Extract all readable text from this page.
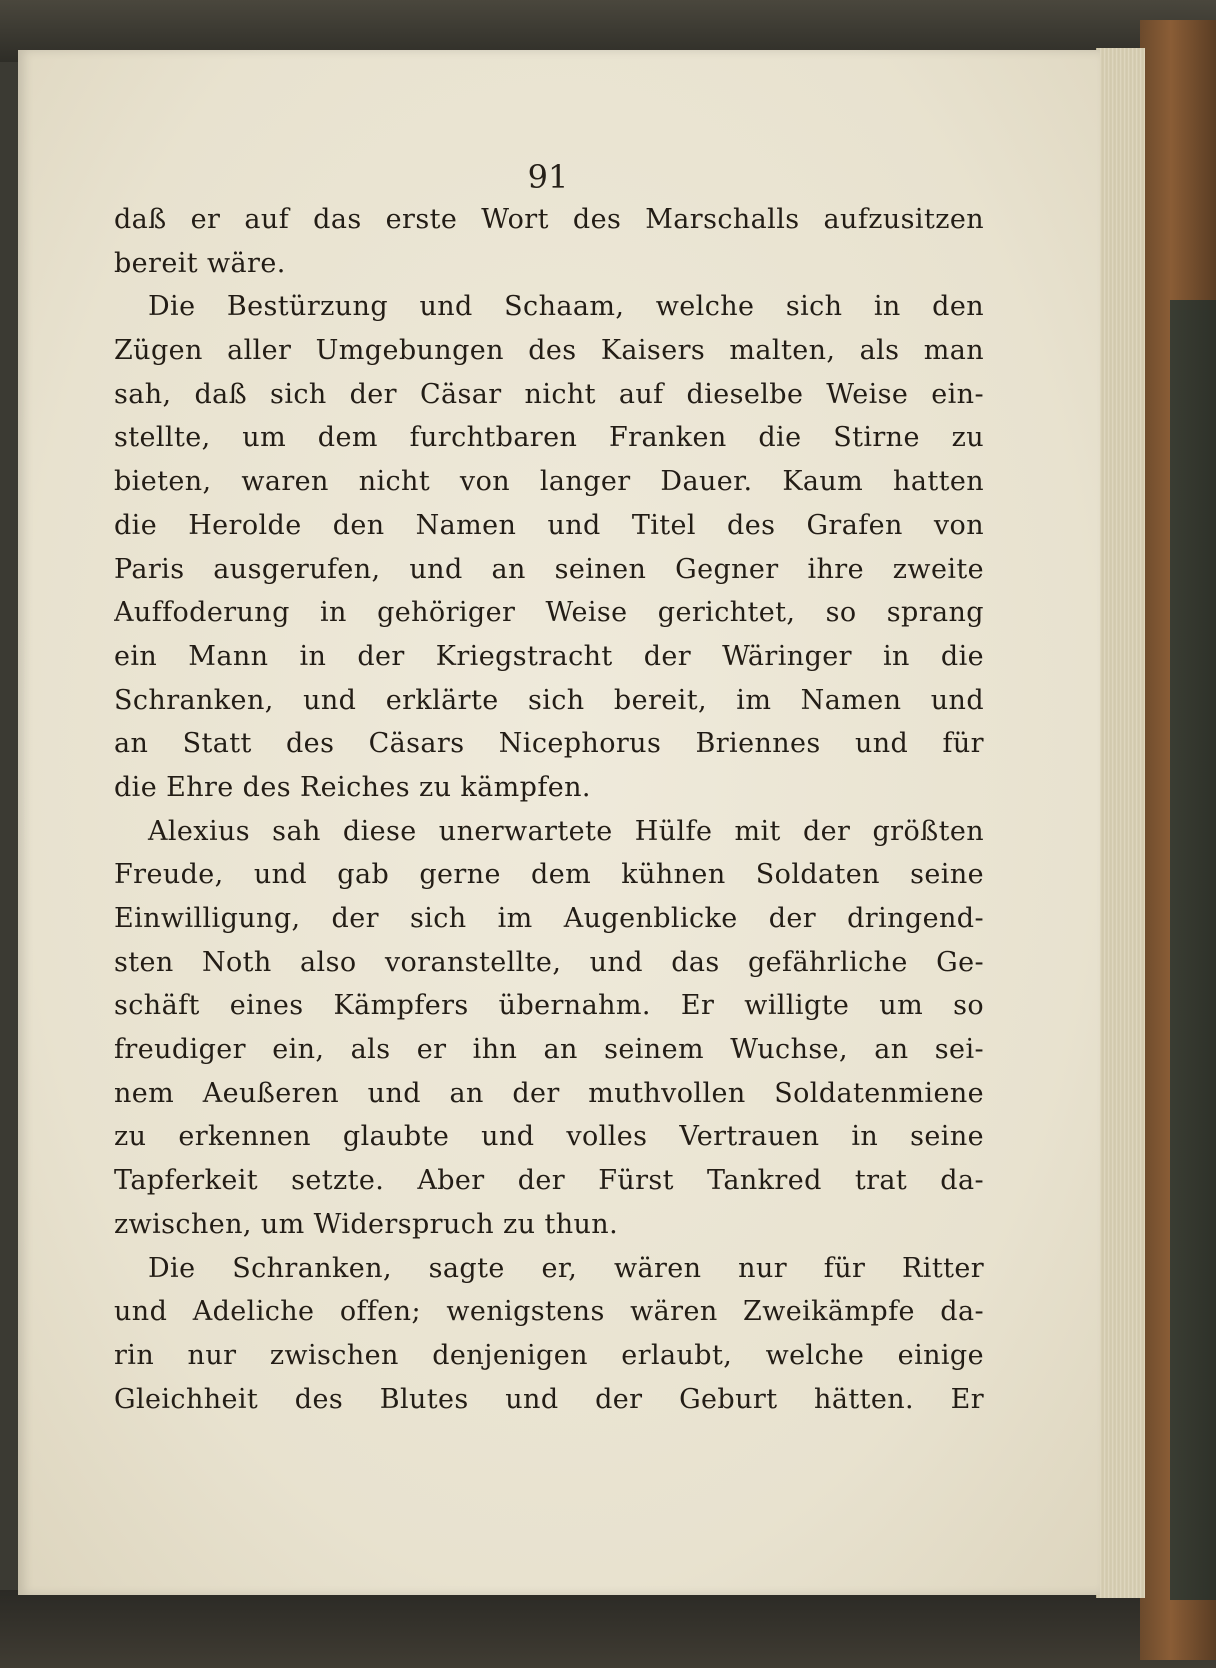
91
daß er auf das erste Wort des Marschalls aufzusitzen
bereit wäre.
Die Bestürzung und Schaam, welche sich in den
Zügen aller Umgebungen des Kaisers malten, als man
sah, daß sich der Cäsar nicht auf dieselbe Weise ein-
stellte, um dem furchtbaren Franken die Stirne zu
bieten, waren nicht von langer Dauer. Kaum hatten
die Herolde den Namen und Titel des Grafen von
Paris ausgerufen, und an seinen Gegner ihre zweite
Auffoderung in gehöriger Weise gerichtet, so sprang
ein Mann in der Kriegstracht der Wäringer in die
Schranken, und erklärte sich bereit, im Namen und
an Statt des Cäsars Nicephorus Briennes und für
die Ehre des Reiches zu kämpfen.
Alexius sah diese unerwartete Hülfe mit der größten
Freude, und gab gerne dem kühnen Soldaten seine
Einwilligung, der sich im Augenblicke der dringend-
sten Noth also voranstellte, und das gefährliche Ge-
schäft eines Kämpfers übernahm. Er willigte um so
freudiger ein, als er ihn an seinem Wuchse, an sei-
nem Aeußeren und an der muthvollen Soldatenmiene
zu erkennen glaubte und volles Vertrauen in seine
Tapferkeit setzte. Aber der Fürst Tankred trat da-
zwischen, um Widerspruch zu thun.
Die Schranken, sagte er, wären nur für Ritter
und Adeliche offen; wenigstens wären Zweikämpfe da-
rin nur zwischen denjenigen erlaubt, welche einige
Gleichheit des Blutes und der Geburt hätten. Er
